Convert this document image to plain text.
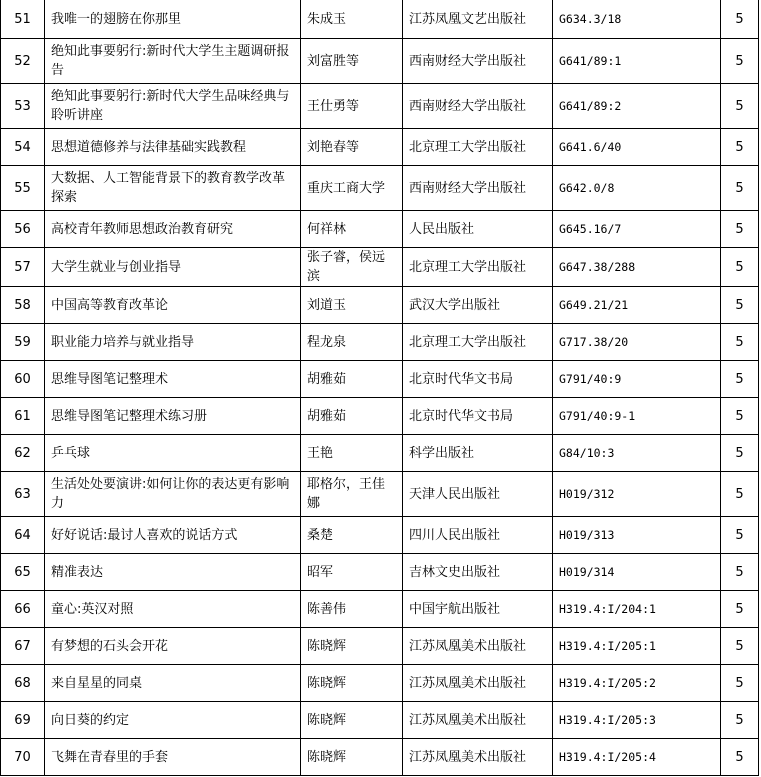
51	我唯一的翅膀在你那里	朱成玉	江苏凤凰文艺出版社	G634.3/18	5
52	绝知此事要躬行:新时代大学生主题调研报告	刘富胜等	西南财经大学出版社	G641/89:1	5
53	绝知此事要躬行:新时代大学生品味经典与聆听讲座	王仕勇等	西南财经大学出版社	G641/89:2	5
54	思想道德修养与法律基础实践教程	刘艳春等	北京理工大学出版社	G641.6/40	5
55	大数据、人工智能背景下的教育教学改革探索	重庆工商大学	西南财经大学出版社	G642.0/8	5
56	高校青年教师思想政治教育研究	何祥林	人民出版社	G645.16/7	5
57	大学生就业与创业指导	张子睿，侯远滨	北京理工大学出版社	G647.38/288	5
58	中国高等教育改革论	刘道玉	武汉大学出版社	G649.21/21	5
59	职业能力培养与就业指导	程龙泉	北京理工大学出版社	G717.38/20	5
60	思维导图笔记整理术	胡雅茹	北京时代华文书局	G791/40:9	5
61	思维导图笔记整理术练习册	胡雅茹	北京时代华文书局	G791/40:9-1	5
62	乒乓球	王艳	科学出版社	G84/10:3	5
63	生活处处要演讲:如何让你的表达更有影响力	耶格尔，王佳娜	天津人民出版社	H019/312	5
64	好好说话:最讨人喜欢的说话方式	桑楚	四川人民出版社	H019/313	5
65	精准表达	昭军	吉林文史出版社	H019/314	5
66	童心:英汉对照	陈善伟	中国宇航出版社	H319.4:I/204:1	5
67	有梦想的石头会开花	陈晓辉	江苏凤凰美术出版社	H319.4:I/205:1	5
68	来自星星的同桌	陈晓辉	江苏凤凰美术出版社	H319.4:I/205:2	5
69	向日葵的约定	陈晓辉	江苏凤凰美术出版社	H319.4:I/205:3	5
70	飞舞在青春里的手套	陈晓辉	江苏凤凰美术出版社	H319.4:I/205:4	5
